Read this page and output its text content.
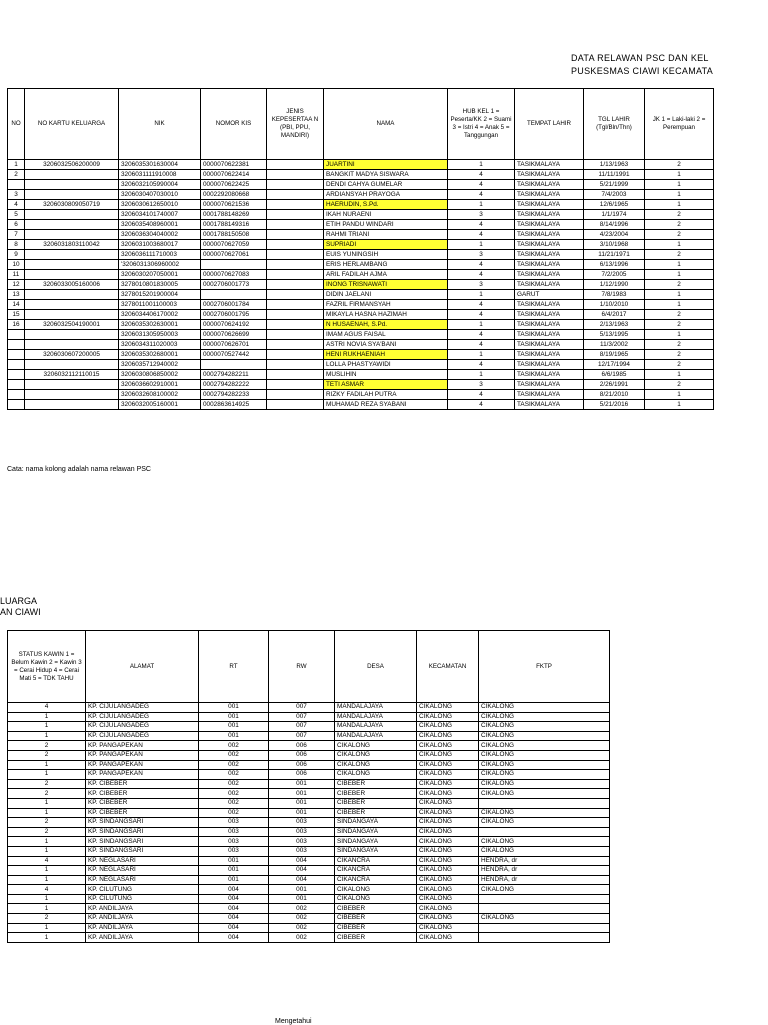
DATA RELAWAN PSC DAN KEL
PUSKESMAS CIAWI KECAMATA
NO	NO KARTU KELUARGA	NIK	NOMOR KIS	JENIS KEPESERTAA N (PBI, PPU, MANDIRI)	NAMA	HUB KEL 1 = Peserta/KK 2 = Suami 3 = Istri 4 = Anak 5 = Tanggungan	TEMPAT LAHIR	TGL LAHIR (Tgl/Bln/Thn)	JK 1 = Laki-laki 2 = Perempuan
1	3206032506200009	3206035301630004	0000070622381		JUARTINI	1	TASIKMALAYA	1/13/1963	2
2		3206031111910008	0000070622414		BANGKIT MADYA SISWARA	4	TASIKMALAYA	11/11/1991	1
		3206032105990004	0000070622425		DENDI CAHYA GUMELAR	4	TASIKMALAYA	5/21/1999	1
3		3206030407030010	0002292080668		ARDIANSYAH PRAYOGA	4	TASIKMALAYA	7/4/2003	1
4	3206030809050719	3206030612650010	0000070621536		HAERUDIN, S.Pd.	1	TASIKMALAYA	12/6/1965	1
5		3206034101740007	0001788148269		IKAH NURAENI	3	TASIKMALAYA	1/1/1974	2
6		3206035408960001	0001788149316		ETIH PANDU WINDARI	4	TASIKMALAYA	8/14/1996	2
7		3206036304040002	0001788150508		RAHMI TRIANI	4	TASIKMALAYA	4/23/2004	2
8	3206031803110042	3206031003680017	0000070627059		SUPRIADI	1	TASIKMALAYA	3/10/1968	1
9		3206036111710003	0000070627061		EUIS YUNINGSIH	3	TASIKMALAYA	11/21/1971	2
10		'3206031306960002			ERIS HERLAMBANG	4	TASIKMALAYA	6/13/1996	1
11		3206030207050001	0000070627083		ARIL FADILAH AJMA	4	TASIKMALAYA	7/2/2005	1
12	3206033005160006	3278010801830005	0002706001773		INONG TRISNAWATI	3	TASIKMALAYA	1/12/1990	2
13		3278015201900004			DIDIN JAELANI	1	GARUT	7/8/1983	1
14		3278011001100003	0002706001784		FAZRIL FIRMANSYAH	4	TASIKMALAYA	1/10/2010	1
15		3206034406170002	0002706001795		MIKAYLA HASNA HAZIMAH	4	TASIKMALAYA	6/4/2017	2
16	3206032504190001	3206035302630001	0000070624192		N HUSAENAH, S.Pd.	1	TASIKMALAYA	2/13/1963	2
		3206031305950003	0000070626699		IMAM AGUS FAISAL	4	TASIKMALAYA	5/13/1995	1
		3206034311020003	0000070626701		ASTRI NOVIA SYA'BANI	4	TASIKMALAYA	11/3/2002	2
	3206030607200005	3206035302680001	0000070527442		HENI RUKHAENIAH	1	TASIKMALAYA	8/19/1965	2
		3206035712940002			LOLLA PHASTYAWIDI	4	TASIKMALAYA	12/17/1994	2
	3206032112110015	3206030806850002	0002794282211		MUSLIHIN	1	TASIKMALAYA	6/6/1985	1
		3206036602910001	0002794282222		TETI ASMAR	3	TASIKMALAYA	2/26/1991	2
		3206032608100002	0002794282233		RIZKY FADILAH PUTRA	4	TASIKMALAYA	8/21/2010	1
		3206032005160001	0002863614925		MUHAMAD REZA SYABANI	4	TASIKMALAYA	5/21/2016	1
Cata: nama kolong adalah nama relawan PSC
LUARGA
AN CIAWI
STATUS KAWIN 1 = Belum Kawin 2 = Kawin 3 = Cerai Hidup 4 = Cerai Mati 5 = TDK TAHU	ALAMAT	RT	RW	DESA	KECAMATAN	FKTP
4	KP. CIJULANGADEG	001	007	MANDALAJAYA	CIKALONG	CIKALONG
1	KP. CIJULANGADEG	001	007	MANDALAJAYA	CIKALONG	CIKALONG
1	KP. CIJULANGADEG	001	007	MANDALAJAYA	CIKALONG	CIKALONG
1	KP. CIJULANGADEG	001	007	MANDALAJAYA	CIKALONG	CIKALONG
2	KP. PANGAPEKAN	002	006	CIKALONG	CIKALONG	CIKALONG
2	KP. PANGAPEKAN	002	006	CIKALONG	CIKALONG	CIKALONG
1	KP. PANGAPEKAN	002	006	CIKALONG	CIKALONG	CIKALONG
1	KP. PANGAPEKAN	002	006	CIKALONG	CIKALONG	CIKALONG
2	KP. CIBEBER	002	001	CIBEBER	CIKALONG	CIKALONG
2	KP. CIBEBER	002	001	CIBEBER	CIKALONG	CIKALONG
1	KP. CIBEBER	002	001	CIBEBER	CIKALONG	
1	KP. CIBEBER	002	001	CIBEBER	CIKALONG	CIKALONG
2	KP. SINDANGSARI	003	003	SINDANGAYA	CIKALONG	CIKALONG
2	KP. SINDANGSARI	003	003	SINDANGAYA	CIKALONG	
1	KP. SINDANGSARI	003	003	SINDANGAYA	CIKALONG	CIKALONG
1	KP. SINDANGSARI	003	003	SINDANGAYA	CIKALONG	CIKALONG
4	KP. NEGLASARI	001	004	CIKANCRA	CIKALONG	HENDRA, dr
1	KP. NEGLASARI	001	004	CIKANCRA	CIKALONG	HENDRA, dr
1	KP. NEGLASARI	001	004	CIKANCRA	CIKALONG	HENDRA, dr
4	KP. CILUTUNG	004	001	CIKALONG	CIKALONG	CIKALONG
1	KP. CILUTUNG	004	001	CIKALONG	CIKALONG	
1	KP. ANDILJAYA	004	002	CIBEBER	CIKALONG	
2	KP. ANDILJAYA	004	002	CIBEBER	CIKALONG	CIKALONG
1	KP. ANDILJAYA	004	002	CIBEBER	CIKALONG	
1	KP. ANDILJAYA	004	002	CIBEBER	CIKALONG	
Mengetahui
